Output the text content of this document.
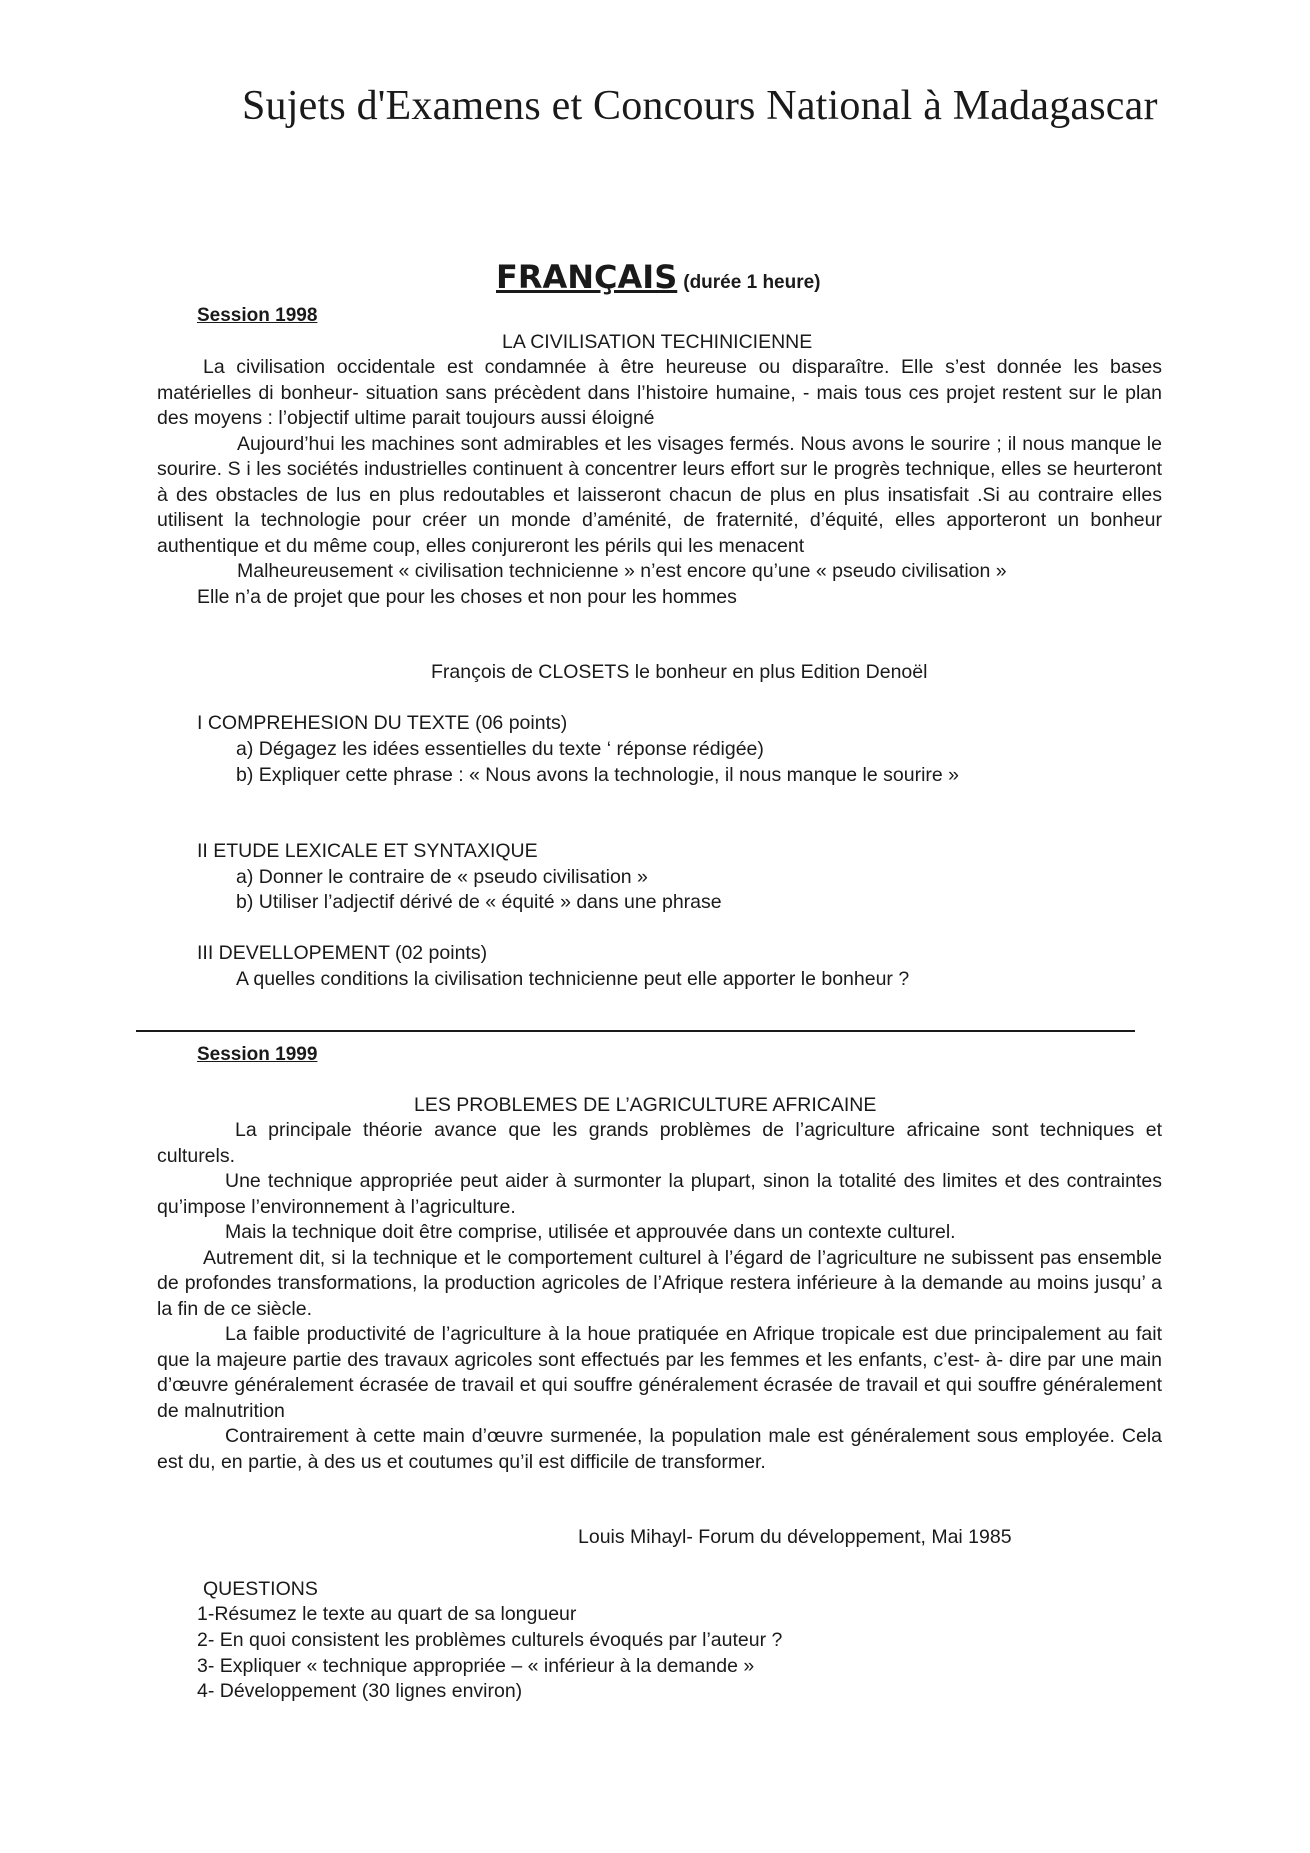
Sujets d'Examens et Concours National à Madagascar
FRANÇAIS (durée 1 heure)
Session 1998
LA CIVILISATION TECHINICIENNE

La civilisation occidentale est condamnée à être heureuse ou disparaître. Elle s’est donnée les bases matérielles di bonheur- situation sans précèdent dans l’histoire humaine, - mais tous ces projet restent sur le plan des moyens : l’objectif ultime parait toujours aussi éloigné

Aujourd’hui les machines sont admirables et les visages fermés. Nous avons le sourire ; il nous manque le sourire. S i les sociétés industrielles continuent à concentrer leurs effort sur le progrès technique, elles se heurteront à des obstacles de lus en plus redoutables et laisseront chacun de plus en plus insatisfait .Si au contraire elles utilisent la technologie pour créer un monde d’aménité, de fraternité, d’équité, elles apporteront un bonheur authentique et du même coup, elles conjureront les périls qui les menacent

Malheureusement « civilisation technicienne » n’est encore qu’une « pseudo civilisation »

Elle n’a de projet que pour les choses et non pour les hommes

François de CLOSETS le bonheur en plus Edition Denoël
I COMPREHESION DU TEXTE (06 points)
a) Dégagez les idées essentielles du texte ‘ réponse rédigée)
b) Expliquer cette phrase : « Nous avons la technologie, il nous manque le sourire »
II ETUDE LEXICALE ET SYNTAXIQUE
a) Donner le contraire de « pseudo civilisation »
b) Utiliser l’adjectif dérivé de « équité » dans une phrase
III DEVELLOPEMENT (02 points)
A quelles conditions la civilisation technicienne peut elle apporter le bonheur ?
Session 1999
LES PROBLEMES DE L’AGRICULTURE AFRICAINE

La principale théorie avance que les grands problèmes de l’agriculture africaine sont techniques et culturels.

Une technique appropriée peut aider à surmonter la plupart, sinon la totalité des limites et des contraintes qu’impose l’environnement à l’agriculture.

Mais la technique doit être comprise, utilisée et approuvée dans un contexte culturel.

Autrement dit, si la technique et le comportement culturel à l’égard de l’agriculture ne subissent pas ensemble de profondes transformations, la production agricoles de l’Afrique restera inférieure à la demande au moins jusqu’ a la fin de ce siècle.

La faible productivité de l’agriculture à la houe pratiquée en Afrique tropicale est due principalement au fait que la majeure partie des travaux agricoles sont effectués par les femmes et les enfants, c’est- à- dire par une main d’œuvre généralement écrasée de travail et qui souffre généralement écrasée de travail et qui souffre généralement de malnutrition

Contrairement à cette main d’œuvre surmenée, la population male est généralement sous employée. Cela est du, en partie, à des us et coutumes qu’il est difficile de transformer.

Louis Mihayl- Forum du développement, Mai 1985
QUESTIONS
1-Résumez le texte au quart de sa longueur
2- En quoi consistent les problèmes culturels évoqués par l’auteur ?
3- Expliquer « technique appropriée – « inférieur à la demande »
4- Développement (30 lignes environ)
